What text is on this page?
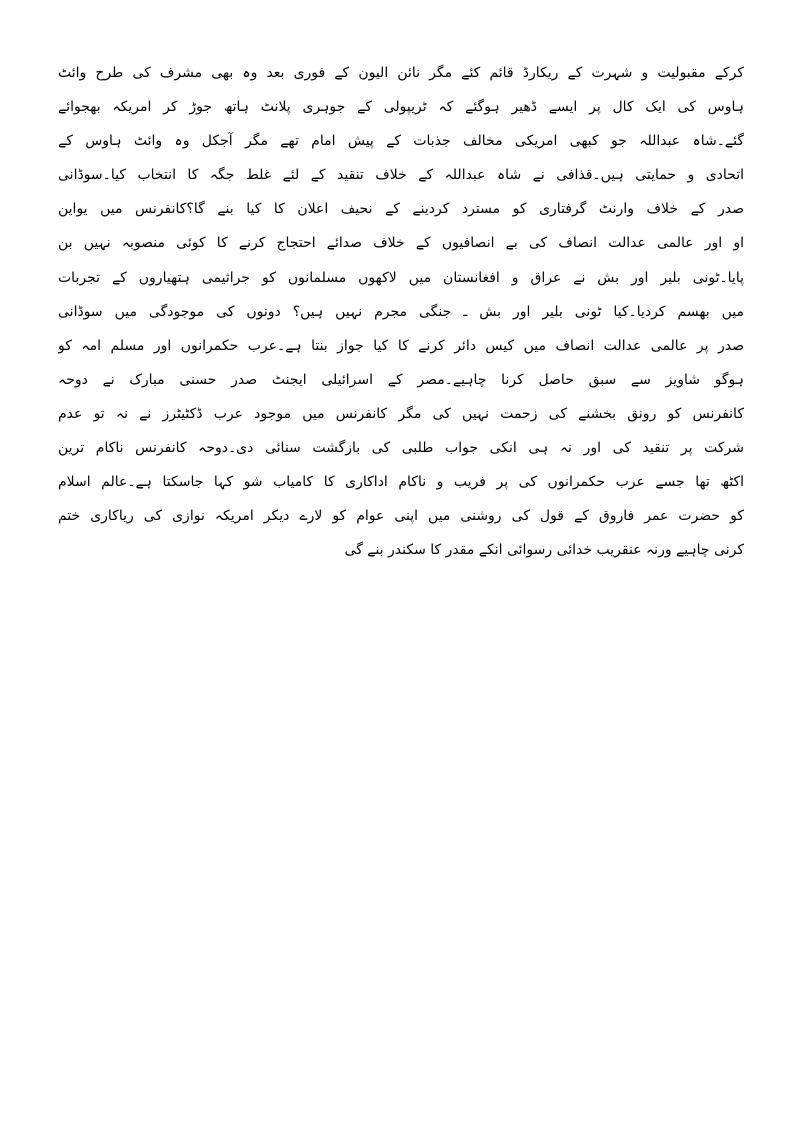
کرکے مقبولیت و شہرت کے ریکارڈ قائم کئے مگر نائن الیون کے فوری بعد وہ بھی مشرف کی طرح وائٹ
ہاوس کی ایک کال پر ایسے ڈھیر ہوگئے کہ ٹریپولی کے جوہری پلانٹ ہاتھ جوڑ کر امریکہ بھجوائے
گئے۔شاہ عبداللہ جو کبھی امریکی مخالف جذبات کے پیش امام تھے مگر آجکل وہ وائٹ ہاوس کے
اتحادی و حمایتی ہیں۔قذافی نے شاہ عبداللہ کے خلاف تنقید کے لئے غلط جگہ کا انتخاب کیا۔سوڈانی
صدر کے خلاف وارنٹ گرفتاری کو مسترد کردینے کے نحیف اعلان کا کیا بنے گا؟کانفرنس میں یواین
او اور عالمی عدالت انصاف کی بے انصافیوں کے خلاف صدائے احتجاج کرنے کا کوئی منصوبہ نہیں بن
پایا۔ٹونی بلیر اور بش نے عراق و افغانستان میں لاکھوں مسلمانوں کو جراثیمی ہتھیاروں کے تجربات
میں بھسم کردیا۔کیا ٹونی بلیر اور بش ـ جنگی مجرم نہیں ہیں؟ دونوں کی موجودگی میں سوڈانی
صدر پر عالمی عدالت انصاف میں کیس دائر کرنے کا کیا جواز بنتا ہے۔عرب حکمرانوں اور مسلم امہ کو
ہوگو شاویز سے سبق حاصل کرنا چاہیے۔مصر کے اسرائیلی ایجنٹ صدر حسنی مبارک نے دوحہ
کانفرنس کو رونق بخشنے کی زحمت نہیں کی مگر کانفرنس میں موجود عرب ڈکٹیٹرز نے نہ تو عدم
شرکت پر تنقید کی اور نہ ہی انکی جواب طلبی کی بازگشت سنائی دی۔دوحہ کانفرنس ناکام ترین
اکٹھ تھا جسے عرب حکمرانوں کی پر فریب و ناکام اداکاری کا کامیاب شو کہا جاسکتا ہے۔عالم اسلام
کو حضرت عمر فاروق کے قول کی روشنی میں اپنی عوام کو لارے دیکر امریکہ نوازی کی ریاکاری ختم
کرنی چاہیے ورنہ عنقریب خدائی رسوائی انکے مقدر کا سکندر بنے گی
